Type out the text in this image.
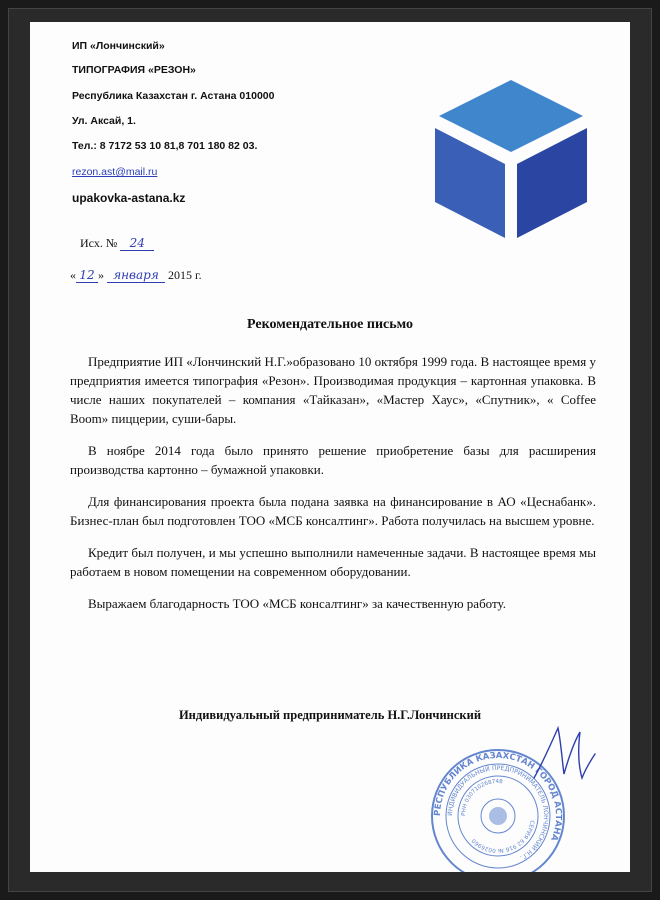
ИП «Лончинский»
ТИПОГРАФИЯ «РЕЗОН»
Республика Казахстан г. Астана 010000
Ул. Аксай, 1.
Тел.: 8 7172 53 10 81,8 701 180 82 03.
rezon.ast@mail.ru
upakovka-astana.kz
Исх. № 24
« 12 » января 2015 г.
Рекомендательное письмо

Предприятие ИП «Лончинский Н.Г.»образовано 10 октября 1999 года. В настоящее время у предприятия имеется типография «Резон». Производимая продукция – картонная упаковка. В числе наших покупателей – компания «Тайказан», «Мастер Хаус», «Спутник», « Coffee Boom» пиццерии, суши-бары.

В ноябре 2014 года было принято решение приобретение базы для расширения производства картонно – бумажной упаковки.

Для финансирования проекта была подана заявка на финансирование в АО «Цеснабанк». Бизнес-план был подготовлен ТОО «МСБ консалтинг». Работа получилась на высшем уровне.

Кредит был получен, и мы успешно выполнили намеченные задачи. В настоящее время мы работаем в новом помещении на современном оборудовании.

Выражаем благодарность ТОО «МСБ консалтинг» за качественную работу.

Индивидуальный предприниматель Н.Г.Лончинский
РЕСПУБЛИКА КАЗАХСТАН ГОРОД АСТАНА
ИНДИВИДУАЛЬНЫЙ ПРЕДПРИНИМАТЕЛЬ ЛОНЧИНСКИЙ Н.Г.
РНН 030710268748
СЕРИЯ 62 916 № 0026960
